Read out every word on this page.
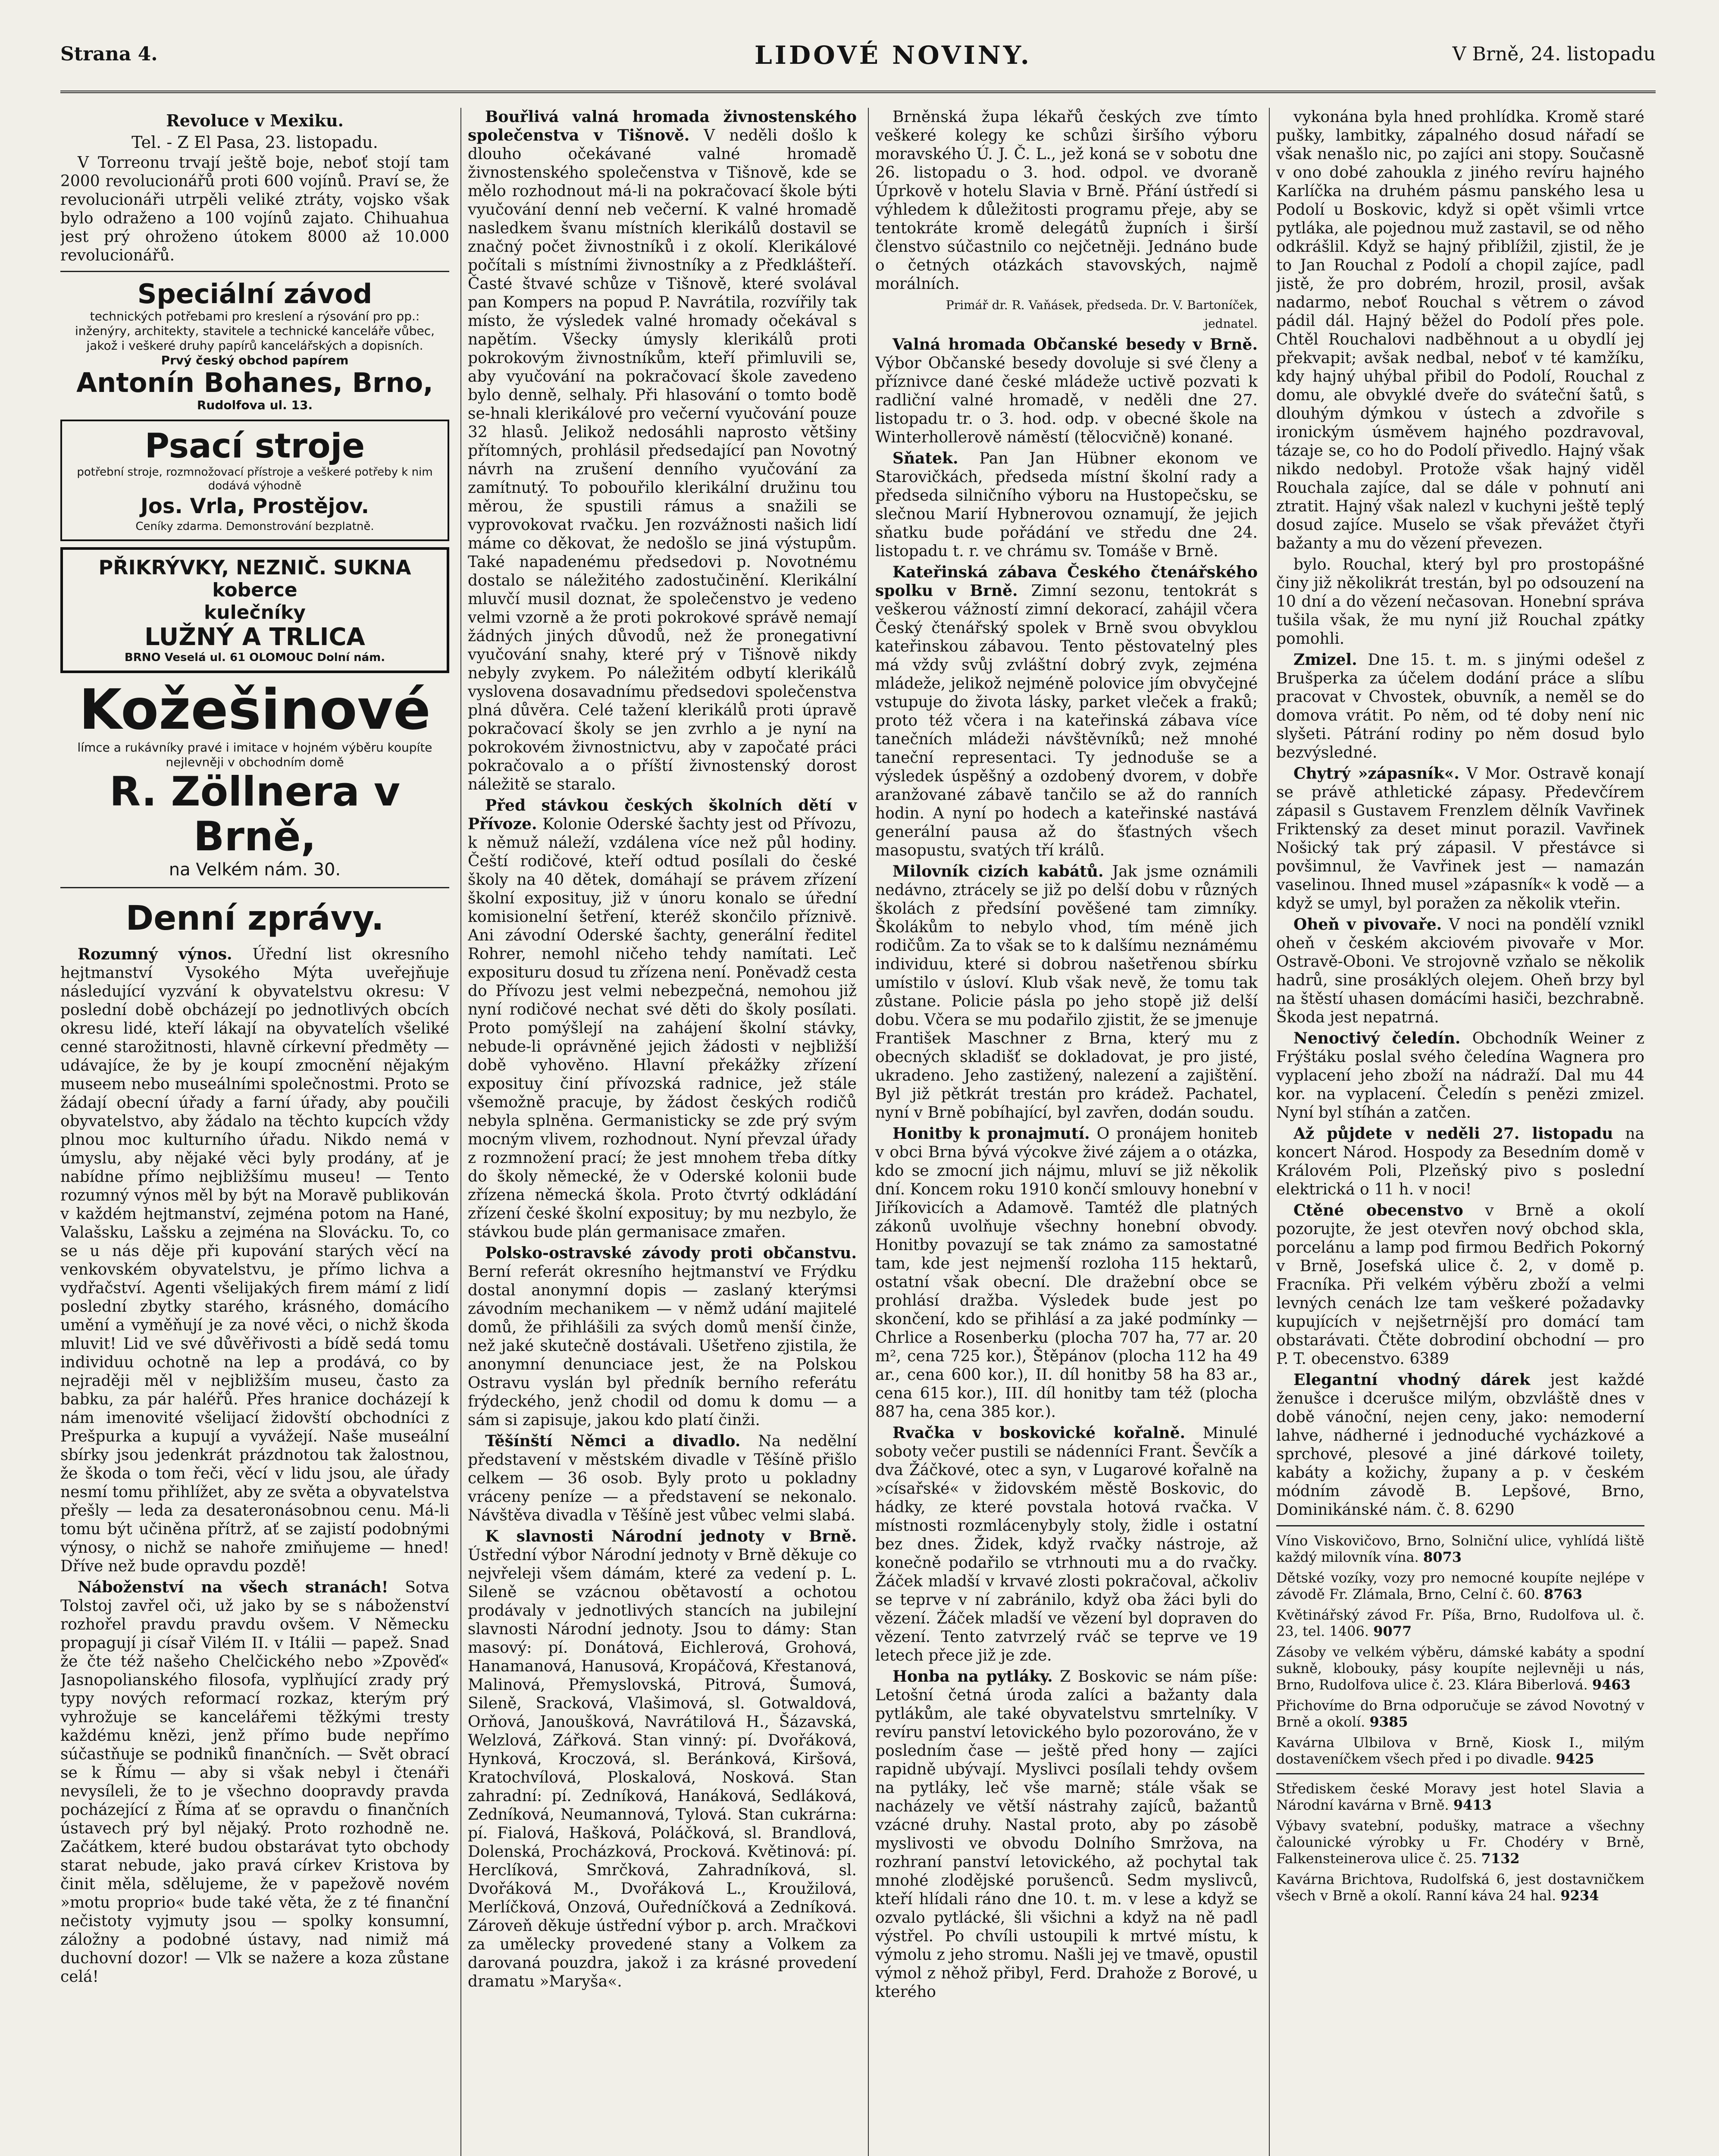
Strana 4.	LIDOVÉ NOVINY.	V Brně, 24. listopadu
Revoluce v Mexiku.
Tel. - Z El Pasa, 23. listopadu.

V Torreonu trvají ještě boje, neboť stojí tam 2000 revolucionářů proti 600 vojínů. Praví se, že revolucionáři utrpěli veliké ztráty, vojsko však bylo odraženo a 100 vojínů zajato. Chihuahua jest prý ohroženo útokem 8000 až 10.000 revolucionářů.

Speciální závod
technických potřebami pro kreslení a rýsování pro pp.: inženýry, architekty, stavitele a technické kanceláře vůbec, jakož i veškeré druhy papírů kancelářských a dopisních.
Prvý český obchod papírem
Antonín Bohanes, Brno,
Rudolfova ul. 13.
Psací stroje
potřební stroje, rozmnožovací přístroje a veškeré potřeby k nim dodává výhodně
Jos. Vrla, Prostějov.
Ceníky zdarma. Demonstrování bezplatně.
PŘIKRÝVKY, NEZNIČ. SUKNA
koberce
kulečníky
LUŽNÝ A TRLICA
BRNO Veselá ul. 61 OLOMOUC Dolní nám.
Kožešinové
límce a rukávníky pravé i imitace v hojném výběru koupíte nejlevněji v obchodním domě
R. Zöllnera v Brně,
na Velkém nám. 30.
Denní zprávy.

Rozumný výnos. Úřední list okresního hejtmanství Vysokého Mýta uveřejňuje následující vyzvání k obyvatelstvu okresu: V poslední době obcházejí po jednotlivých obcích okresu lidé, kteří lákají na obyvatelích všeliké cenné starožitnosti, hlavně církevní předměty — udávajíce, že by je koupí zmocnění nějakým museem nebo museálními společnostmi. Proto se žádají obecní úřady a farní úřady, aby poučili obyvatelstvo, aby žádalo na těchto kupcích vždy plnou moc kulturního úřadu. Nikdo nemá v úmyslu, aby nějaké věci byly prodány, ať je nabídne přímo nejbližšímu museu! — Tento rozumný výnos měl by být na Moravě publikován v každém hejtmanství, zejména potom na Hané, Valašsku, Lašsku a zejména na Slovácku. To, co se u nás děje při kupování starých věcí na venkovském obyvatelstvu, je přímo lichva a vydřačství. Agenti všelijakých firem mámí z lidí poslední zbytky starého, krásného, domácího umění a vyměňují je za nové věci, o nichž škoda mluvit! Lid ve své důvěřivosti a bídě sedá tomu individuu ochotně na lep a prodává, co by nejraději měl v nejbližším museu, často za babku, za pár haléřů. Přes hranice docházejí k nám imenovité všelijací židovští obchodníci z Prešpurka a kupují a vyvážejí. Naše museální sbírky jsou jedenkrát prázdnotou tak žalostnou, že škoda o tom řeči, věcí v lidu jsou, ale úřady nesmí tomu přihlížet, aby ze světa a obyvatelstva přešly — leda za desateronásobnou cenu. Má-li tomu být učiněna přítrž, ať se zajistí podobnými výnosy, o nichž se nahoře zmiňujeme — hned! Dříve než bude opravdu pozdě!

Náboženství na všech stranách! Sotva Tolstoj zavřel oči, už jako by se s náboženství rozhořel pravdu pravdu ovšem. V Německu propagují ji císař Vilém II. v Itálii — papež. Snad že čte též našeho Chelčického nebo »Zpověď« Jasnopolianského filosofa, vyplňující zrady prý typy nových reformací rozkaz, kterým prý vyhrožuje se kancelářemi těžkými tresty každému knězi, jenž přímo bude nepřímo súčastňuje se podniků finančních. — Svět obrací se k Římu — aby si však nebyl i čtenáři nevysíleli, že to je všechno doopravdy pravda pocházející z Říma ať se opravdu o finančních ústavech prý byl nějaký. Proto rozhodně ne. Začátkem, které budou obstarávat tyto obchody starat nebude, jako pravá církev Kristova by činit měla, sdělujeme, že v papežově novém »motu proprio« bude také věta, že z té finanční nečistoty vyjmuty jsou — spolky konsumní, záložny a podobné ústavy, nad nimiž má duchovní dozor! — Vlk se nažere a koza zůstane celá!

Bouřlivá valná hromada živnostenského společenstva v Tišnově. V neděli došlo k dlouho očekávané valné hromadě živnostenského společenstva v Tišnově, kde se mělo rozhodnout má-li na pokračovací škole býti vyučování denní neb večerní. K valné hromadě nasledkem švanu místních klerikálů dostavil se značný počet živnostníků i z okolí. Klerikálové počítali s místními živnostníky a z Předklášteří. Časté štvavé schůze v Tišnově, které svolával pan Kompers na popud P. Navrátila, rozvířily tak místo, že výsledek valné hromady očekával s napětím. Všecky úmysly klerikálů proti pokrokovým živnostníkům, kteří přimluvili se, aby vyučování na pokračovací škole zavedeno bylo denně, selhaly. Při hlasování o tomto bodě se-hnali klerikálové pro večerní vyučování pouze 32 hlasů. Jelikož nedosáhli naprosto většiny přítomných, prohlásil předsedající pan Novotný návrh na zrušení denního vyučování za zamítnutý. To pobouřilo klerikální družinu tou měrou, že spustili rámus a snažili se vyprovokovat rvačku. Jen rozvážnosti našich lidí máme co děkovat, že nedošlo se jiná výstupům. Také napadenému předsedovi p. Novotnému dostalo se náležitého zadostučinění. Klerikální mluvčí musil doznat, že společenstvo je vedeno velmi vzorně a že proti pokrokové správě nemají žádných jiných důvodů, než že pronegativní vyučování snahy, které prý v Tišnově nikdy nebyly zvykem. Po náležitém odbytí klerikálů vyslovena dosavadnímu předsedovi společenstva plná důvěra. Celé tažení klerikálů proti úpravě pokračovací školy se jen zvrhlo a je nyní na pokrokovém živnostnictvu, aby v započaté práci pokračovalo a o příští živnostenský dorost náležitě se staralo.

Před stávkou českých školních dětí v Přívoze. Kolonie Oderské šachty jest od Přívozu, k němuž náleží, vzdálena více než půl hodiny. Čeští rodičové, kteří odtud posílali do české školy na 40 dětek, domáhají se právem zřízení školní exposituy, již v únoru konalo se úřední komisionelní šetření, kteréž skončilo příznivě. Ani závodní Oderské šachty, generální ředitel Rohrer, nemohl ničeho tehdy namítati. Leč exposituru dosud tu zřízena není. Poněvadž cesta do Přívozu jest velmi nebezpečná, nemohou již nyní rodičové nechat své děti do školy posílati. Proto pomýšlejí na zahájení školní stávky, nebude-li oprávněné jejich žádosti v nejbližší době vyhověno. Hlavní překážky zřízení exposituy činí přívozská radnice, jež stále všemožně pracuje, by žádost českých rodičů nebyla splněna. Germanisticky se zde prý svým mocným vlivem, rozhodnout. Nyní převzal úřady z rozmnožení prací; že jest mnohem třeba dítky do školy německé, že v Oderské kolonii bude zřízena německá škola. Proto čtvrtý odkládání zřízení české školní exposituy; by mu nezbylo, že stávkou bude plán germanisace zmařen.

Polsko-ostravské závody proti občanstvu. Berní referát okresního hejtmanství ve Frýdku dostal anonymní dopis — zaslaný kterýmsi závodním mechanikem — v němž udání majitelé domů, že přihlášili za svých domů menší činže, než jaké skutečně dostávali. Ušetřeno zjistila, že anonymní denunciace jest, že na Polskou Ostravu vyslán byl předník berního referátu frýdeckého, jenž chodil od domu k domu — a sám si zapisuje, jakou kdo platí činži.

Těšínští Němci a divadlo. Na nedělní představení v městském divadle v Těšíně přišlo celkem — 36 osob. Byly proto u pokladny vráceny peníze — a představení se nekonalo. Návštěva divadla v Těšíně jest vůbec velmi slabá.

K slavnosti Národní jednoty v Brně. Ústřední výbor Národní jednoty v Brně děkuje co nejvřeleji všem dámám, které za vedení p. L. Sileně se vzácnou obětavostí a ochotou prodávaly v jednotlivých stancích na jubilejní slavnosti Národní jednoty. Jsou to dámy: Stan masový: pí. Donátová, Eichlerová, Grohová, Hanamanová, Hanusová, Kropáčová, Křestanová, Malinová, Přemyslovská, Pitrová, Šumová, Sileně, Sracková, Vlašimová, sl. Gotwaldová, Orňová, Janoušková, Navrátilová H., Šázavská, Welzlová, Zářková. Stan vinný: pí. Dvořáková, Hynková, Kroczová, sl. Beránková, Kiršová, Kratochvílová, Ploskalová, Nosková. Stan zahradní: pí. Zedníková, Hanáková, Sedláková, Zedníková, Neumannová, Tylová. Stan cukrárna: pí. Fialová, Hašková, Poláčková, sl. Brandlová, Dolenská, Procházková, Procková. Květinová: pí. Herclíková, Smrčková, Zahradníková, sl. Dvořáková M., Dvořáková L., Kroužilová, Merlíčková, Onzová, Ouředníčková a Zedníková. Zároveň děkuje ústřední výbor p. arch. Mračkovi za umělecky provedené stany a Volkem za darovaná pouzdra, jakož i za krásné provedení dramatu »Maryša«.

Brněnská župa lékařů českých zve tímto veškeré kolegy ke schůzi širšího výboru moravského Ú. J. Č. L., jež koná se v sobotu dne 26. listopadu o 3. hod. odpol. ve dvoraně Úprkově v hotelu Slavia v Brně. Přání ústředí si výhledem k důležitosti programu přeje, aby se tentokráte kromě delegátů župních i širší členstvo súčastnilo co nejčetněji. Jednáno bude o četných otázkách stavovských, najmě morálních.

Primář dr. R. Vaňásek, předseda. Dr. V. Bartoníček, jednatel.

Valná hromada Občanské besedy v Brně. Výbor Občanské besedy dovoluje si své členy a příznivce dané české mládeže uctivě pozvati k radliční valné hromadě, v neděli dne 27. listopadu tr. o 3. hod. odp. v obecné škole na Winterhollerově náměstí (tělocvičně) konané.

Sňatek. Pan Jan Hübner ekonom ve Starovičkách, předseda místní školní rady a předseda silničního výboru na Hustopečsku, se slečnou Marií Hybnerovou oznamují, že jejich sňatku bude pořádání ve středu dne 24. listopadu t. r. ve chrámu sv. Tomáše v Brně.

Kateřinská zábava Českého čtenářského spolku v Brně. Zimní sezonu, tentokrát s veškerou vážností zimní dekorací, zahájil včera Český čtenářský spolek v Brně svou obvyklou kateřinskou zábavou. Tento pěstovatelný ples má vždy svůj zvláštní dobrý zvyk, zejména mládeže, jelikož nejméně polovice jím obvyčejné vstupuje do života lásky, parket vleček a fraků; proto též včera i na kateřinská zábava více tanečních mládeži návštěvníků; než mnohé taneční representaci. Ty jednoduše se a výsledek úspěšný a ozdobený dvorem, v dobře aranžované zábavě tančilo se až do ranních hodin. A nyní po hodech a kateřinské nastává generální pausa až do šťastných všech masopustu, svatých tří králů.

Milovník cizích kabátů. Jak jsme oznámili nedávno, ztrácely se již po delší dobu v různých školách z předsíní pověšené tam zimníky. Školákům to nebylo vhod, tím méně jich rodičům. Za to však se to k dalšímu neznámému individuu, které si dobrou našetřenou sbírku umístilo v úsloví. Klub však nevě, že tomu tak zůstane. Policie pásla po jeho stopě již delší dobu. Včera se mu podařilo zjistit, že se jmenuje František Maschner z Brna, který mu z obecných skladišť se dokladovat, je pro jisté, ukradeno. Jeho zastižený, nalezení a zajištění. Byl již pětkrát trestán pro krádež. Pachatel, nyní v Brně pobíhající, byl zavřen, dodán soudu.

Honitby k pronajmutí. O pronájem honiteb v obci Brna bývá výcokve živé zájem a o otázka, kdo se zmocní jich nájmu, mluví se již několik dní. Koncem roku 1910 končí smlouvy honební v Jiříkovicích a Adamově. Tamtéž dle platných zákonů uvolňuje všechny honební obvody. Honitby povazují se tak známo za samostatné tam, kde jest nejmenší rozloha 115 hektarů, ostatní však obecní. Dle dražební obce se prohlásí dražba. Výsledek bude jest po skončení, kdo se přihlásí a za jaké podmínky — Chrlice a Rosenberku (plocha 707 ha, 77 ar. 20 m², cena 725 kor.), Štěpánov (plocha 112 ha 49 ar., cena 600 kor.), II. díl honitby 58 ha 83 ar., cena 615 kor.), III. díl honitby tam též (plocha 887 ha, cena 385 kor.).

Rvačka v boskovické kořalně. Minulé soboty večer pustili se nádenníci Frant. Ševčík a dva Žáčkové, otec a syn, v Lugarové kořalně na »císařské« v židovském městě Boskovic, do hádky, ze které povstala hotová rvačka. V místnosti rozmlácenybyly stoly, židle i ostatní bez dnes. Židek, když rvačky nástroje, až konečně podařilo se vtrhnouti mu a do rvačky. Žáček mladší v krvavé zlosti pokračoval, ačkoliv se teprve v ní zabránilo, když oba žáci byli do vězení. Žáček mladší ve vězení byl dopraven do vězení. Tento zatvrzelý rváč se teprve ve 19 letech přece již je zde.

Honba na pytláky. Z Boskovic se nám píše: Letošní četná úroda zalíci a bažanty dala pytlákům, ale také obyvatelstvu smrtelníky. V revíru panství letovického bylo pozorováno, že v posledním čase — ještě před hony — zajíci rapidně ubývají. Myslivci posílali tehdy ovšem na pytláky, leč vše marně; stále však se nacházely ve větší nástrahy zajíců, bažantů vzácné druhy. Nastal proto, aby po zásobě myslivosti ve obvodu Dolního Smržova, na rozhraní panství letovického, až pochytal tak mnohé zlodějské porušenců. Sedm myslivců, kteří hlídali ráno dne 10. t. m. v lese a když se ozvalo pytlácké, šli všichni a když na ně padl výstřel. Po chvíli ustoupili k mrtvé místu, k výmolu z jeho stromu. Našli jej ve tmavě, opustil výmol z něhož přibyl, Ferd. Drahože z Borové, u kterého

vykonána byla hned prohlídka. Kromě staré pušky, lambitky, zápalného dosud nářadí se však nenašlo nic, po zajíci ani stopy. Současně v ono dobé zahoukla z jiného revíru hajného Karlíčka na druhém pásmu panského lesa u Podolí u Boskovic, když si opět všimli vrtce pytláka, ale pojednou muž zastavil, se od něho odkrášlil. Když se hajný přiblížil, zjistil, že je to Jan Rouchal z Podolí a chopil zajíce, padl jistě, že pro dobrém, hrozil, prosil, avšak nadarmo, neboť Rouchal s větrem o závod pádil dál. Hajný běžel do Podolí přes pole. Chtěl Rouchalovi nadběhnout a u obydlí jej překvapit; avšak nedbal, neboť v té kamžíku, kdy hajný uhýbal přibil do Podolí, Rouchal z domu, ale obvyklé dveře do sváteční šatů, s dlouhým dýmkou v ústech a zdvořile s ironickým úsměvem hajného pozdravoval, tázaje se, co ho do Podolí přivedlo. Hajný však nikdo nedobyl. Protože však hajný viděl Rouchala zajíce, dal se dále v pohnutí ani ztratit. Hajný však nalezl v kuchyni ještě teplý dosud zajíce. Muselo se však převážet čtyři bažanty a mu do vězení převezen.

bylo. Rouchal, který byl pro prostopášné činy již několikrát trestán, byl po odsouzení na 10 dní a do vězení nečasovan. Honební správa tušila však, že mu nyní již Rouchal zpátky pomohli.

Zmizel. Dne 15. t. m. s jinými odešel z Brušperka za účelem dodání práce a slíbu pracovat v Chvostek, obuvník, a neměl se do domova vrátit. Po něm, od té doby není nic slyšeti. Pátrání rodiny po něm dosud bylo bezvýsledné.

Chytrý »zápasník«. V Mor. Ostravě konají se právě athletické zápasy. Předevčírem zápasil s Gustavem Frenzlem dělník Vavřinek Friktenský za deset minut porazil. Vavřinek Nošický tak prý zápasil. V přestávce si povšimnul, že Vavřinek jest — namazán vaselinou. Ihned musel »zápasník« k vodě — a když se umyl, byl poražen za několik vteřin.

Oheň v pivovaře. V noci na pondělí vznikl oheň v českém akciovém pivovaře v Mor. Ostravě-Oboni. Ve strojovně vzňalo se několik hadrů, sine prosáklých olejem. Oheň brzy byl na štěstí uhasen domácími hasiči, bezchrabně. Škoda jest nepatrná.

Nenoctivý čeledín. Obchodník Weiner z Frýštáku poslal svého čeledína Wagnera pro vyplacení jeho zboží na nádraží. Dal mu 44 kor. na vyplacení. Čeledín s penězi zmizel. Nyní byl stíhán a zatčen.

Až půjdete v neděli 27. listopadu na koncert Národ. Hospody za Besedním domě v Královém Poli, Plzeňský pivo s poslední elektrická o 11 h. v noci!

Ctěné obecenstvo v Brně a okolí pozorujte, že jest otevřen nový obchod skla, porcelánu a lamp pod firmou Bedřich Pokorný v Brně, Josefská ulice č. 2, v domě p. Fracníka. Při velkém výběru zboží a velmi levných cenách lze tam veškeré požadavky kupujících v nejšetrnější pro domácí tam obstarávati. Čtěte dobrodiní obchodní — pro P. T. obecenstvo. 6389

Elegantní vhodný dárek jest každé ženušce i dcerušce milým, obzvláště dnes v době vánoční, nejen ceny, jako: nemoderní lahve, nádherné i jednoduché vycházkové a sprchové, plesové a jiné dárkové toilety, kabáty a kožichy, župany a p. v českém módním závodě B. Lepšové, Brno, Dominikánské nám. č. 8. 6290

Víno Viskovičovo, Brno, Solniční ulice, vyhlídá liště každý milovník vína. 8073

Dětské vozíky, vozy pro nemocné koupíte nejlépe v závodě Fr. Zlámala, Brno, Celní č. 60. 8763

Květinářský závod Fr. Píša, Brno, Rudolfova ul. č. 23, tel. 1406. 9077

Zásoby ve velkém výběru, dámské kabáty a spodní sukně, klobouky, pásy koupíte nejlevněji u nás, Brno, Rudolfova ulice č. 23. Klára Biberlová. 9463

Přichovíme do Brna odporučuje se závod Novotný v Brně a okolí. 9385

Kavárna Ulbilova v Brně, Kiosk I., milým dostaveníčkem všech před i po divadle. 9425

Střediskem české Moravy jest hotel Slavia a Národní kavárna v Brně. 9413

Výbavy svatební, podušky, matrace a všechny čalounické výrobky u Fr. Chodéry v Brně, Falkensteinerova ulice č. 25. 7132

Kavárna Brichtova, Rudolfská 6, jest dostavničkem všech v Brně a okolí. Ranní káva 24 hal. 9234
